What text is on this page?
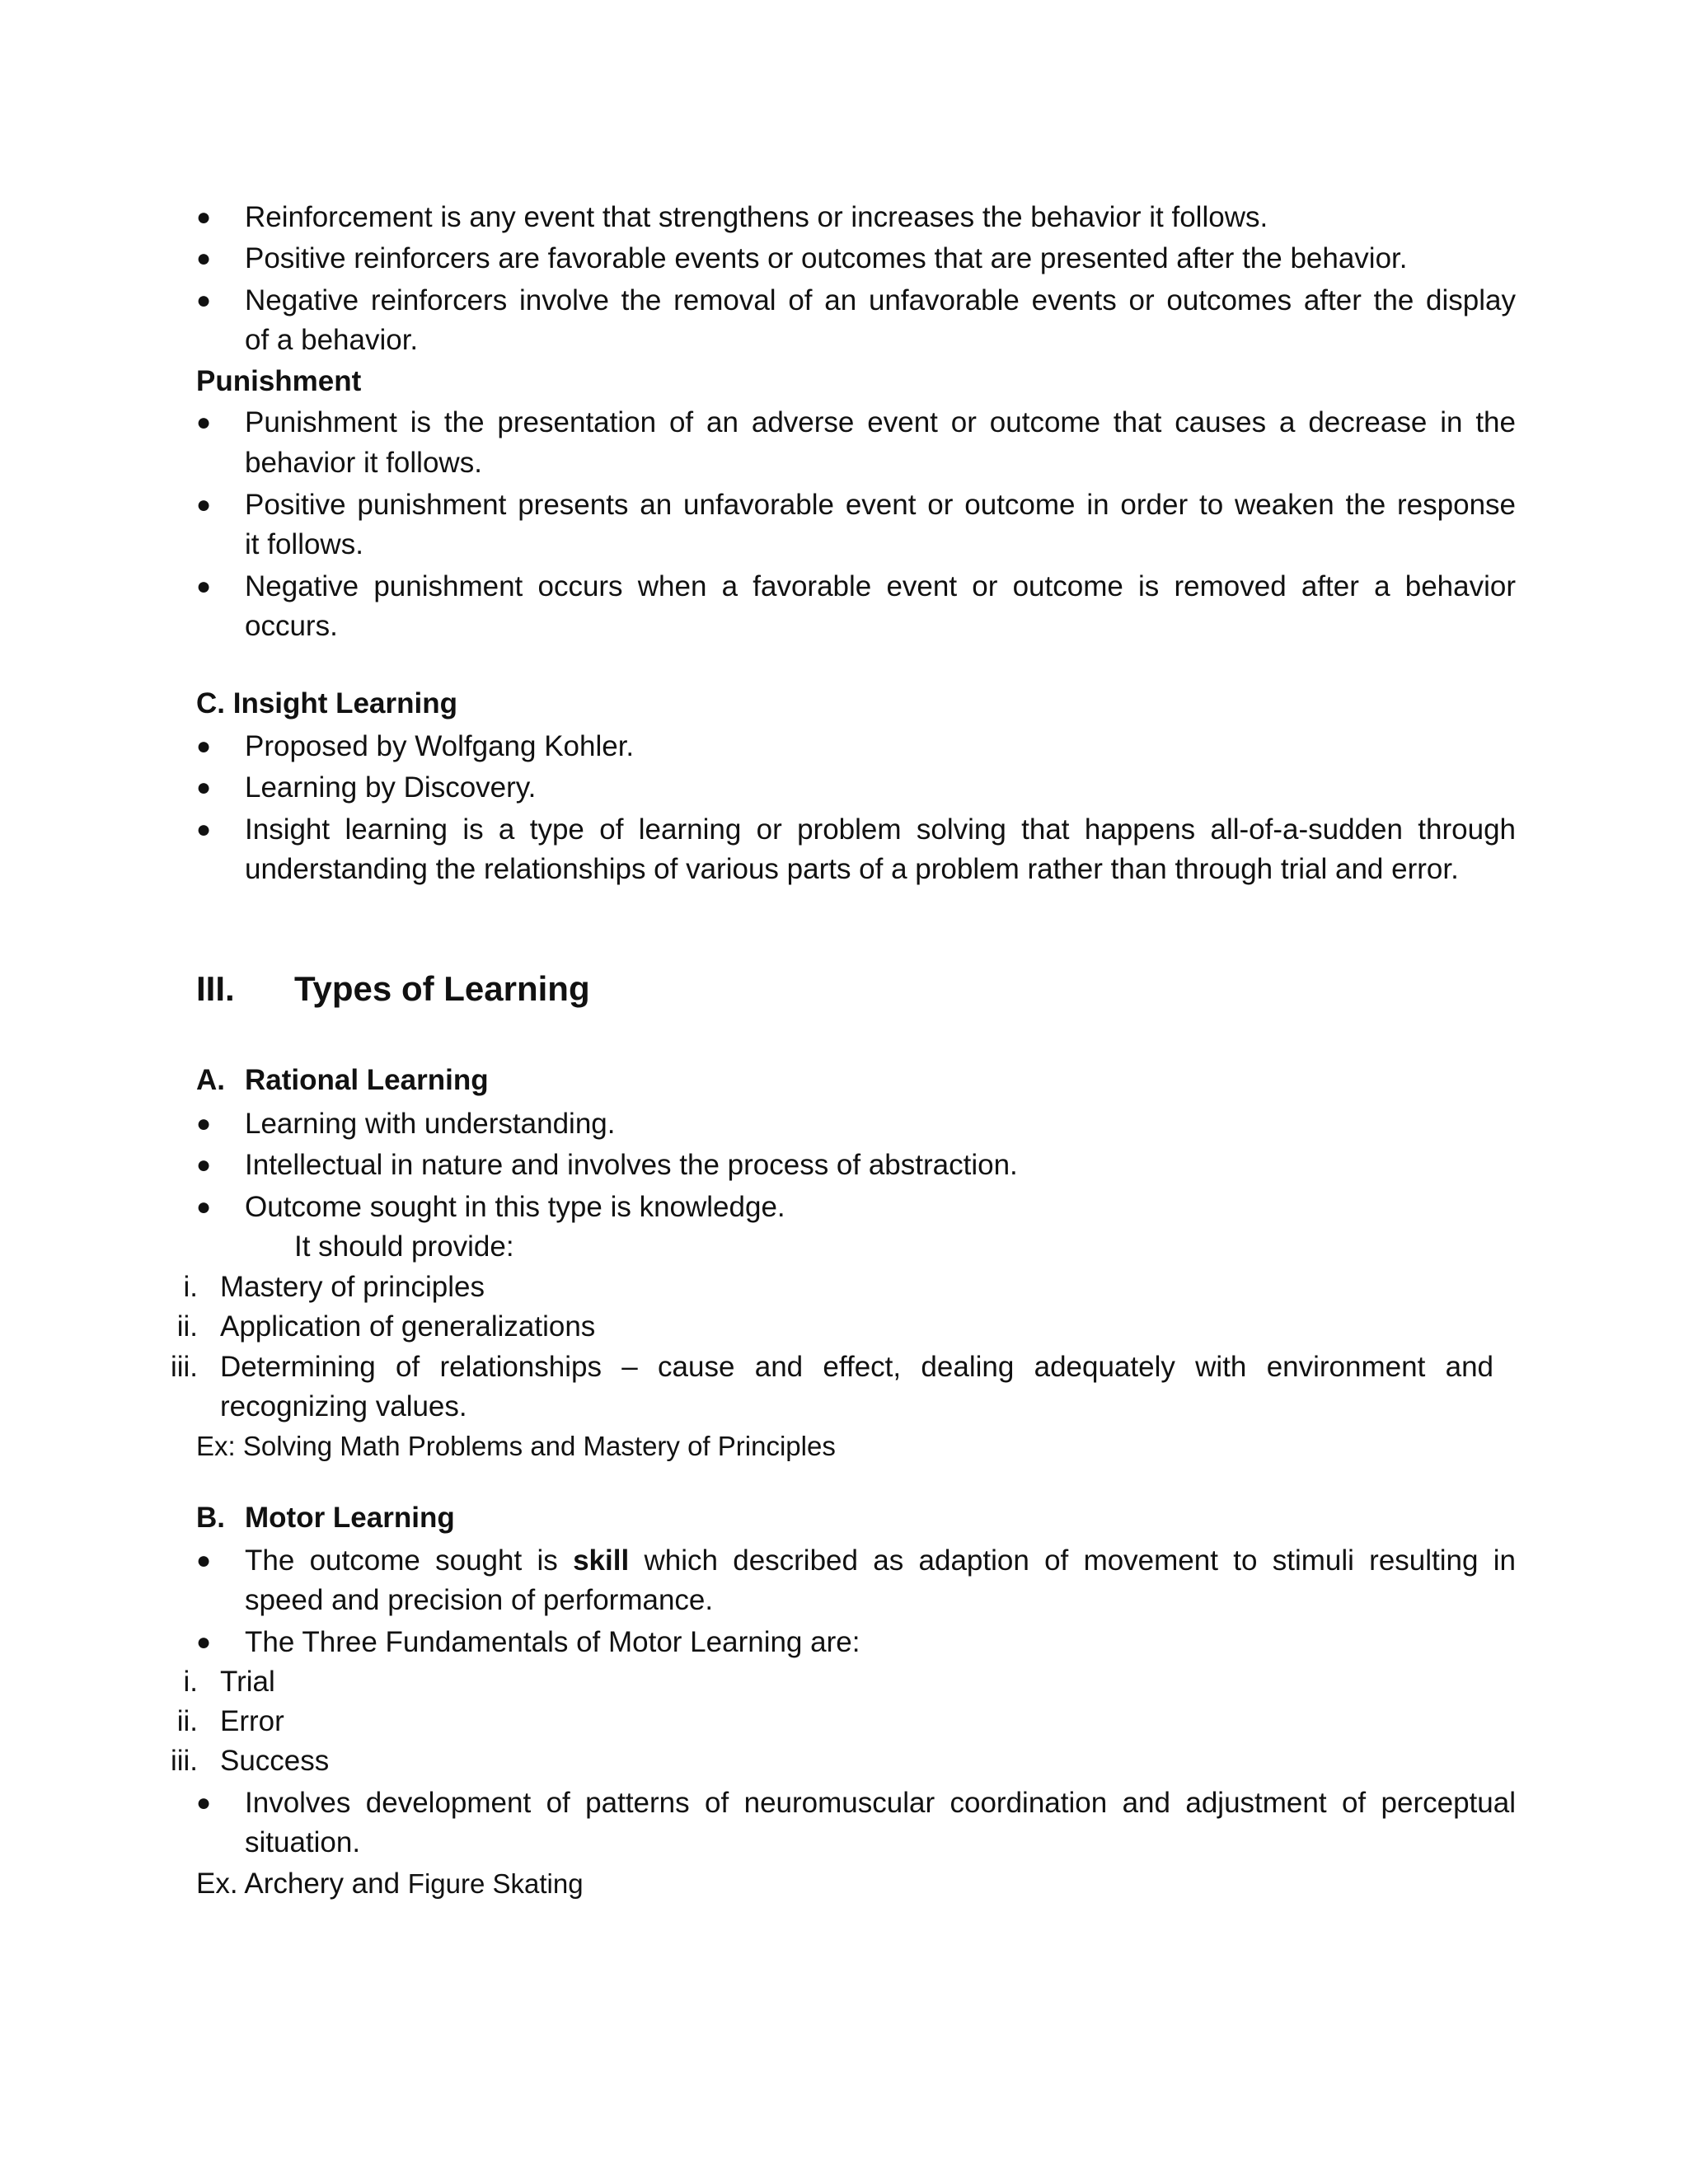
● Reinforcement is any event that strengthens or increases the behavior it follows.
● Positive reinforcers are favorable events or outcomes that are presented after the behavior.
● Negative reinforcers involve the removal of an unfavorable events or outcomes after the display
of a behavior.
Punishment
● Punishment is the presentation of an adverse event or outcome that causes a decrease in the
behavior it follows.
● Positive punishment presents an unfavorable event or outcome in order to weaken the response
it follows.
● Negative punishment occurs when a favorable event or outcome is removed after a behavior
occurs.
C. Insight Learning
● Proposed by Wolfgang Kohler.
● Learning by Discovery.
● Insight learning is a type of learning or problem solving that happens all-of-a-sudden through
understanding the relationships of various parts of a problem rather than through trial and error.
III. Types of Learning
A. Rational Learning
● Learning with understanding.
● Intellectual in nature and involves the process of abstraction.
● Outcome sought in this type is knowledge.
It should provide:
i. Mastery of principles
ii. Application of generalizations
iii. Determining of relationships – cause and effect, dealing adequately with environment and
recognizing values.
Ex: Solving Math Problems and Mastery of Principles
B. Motor Learning
● The outcome sought is skill which described as adaption of movement to stimuli resulting in
speed and precision of performance.
● The Three Fundamentals of Motor Learning are:
i. Trial
ii. Error
iii. Success
● Involves development of patterns of neuromuscular coordination and adjustment of perceptual
situation.
Ex. Archery and Figure Skating
